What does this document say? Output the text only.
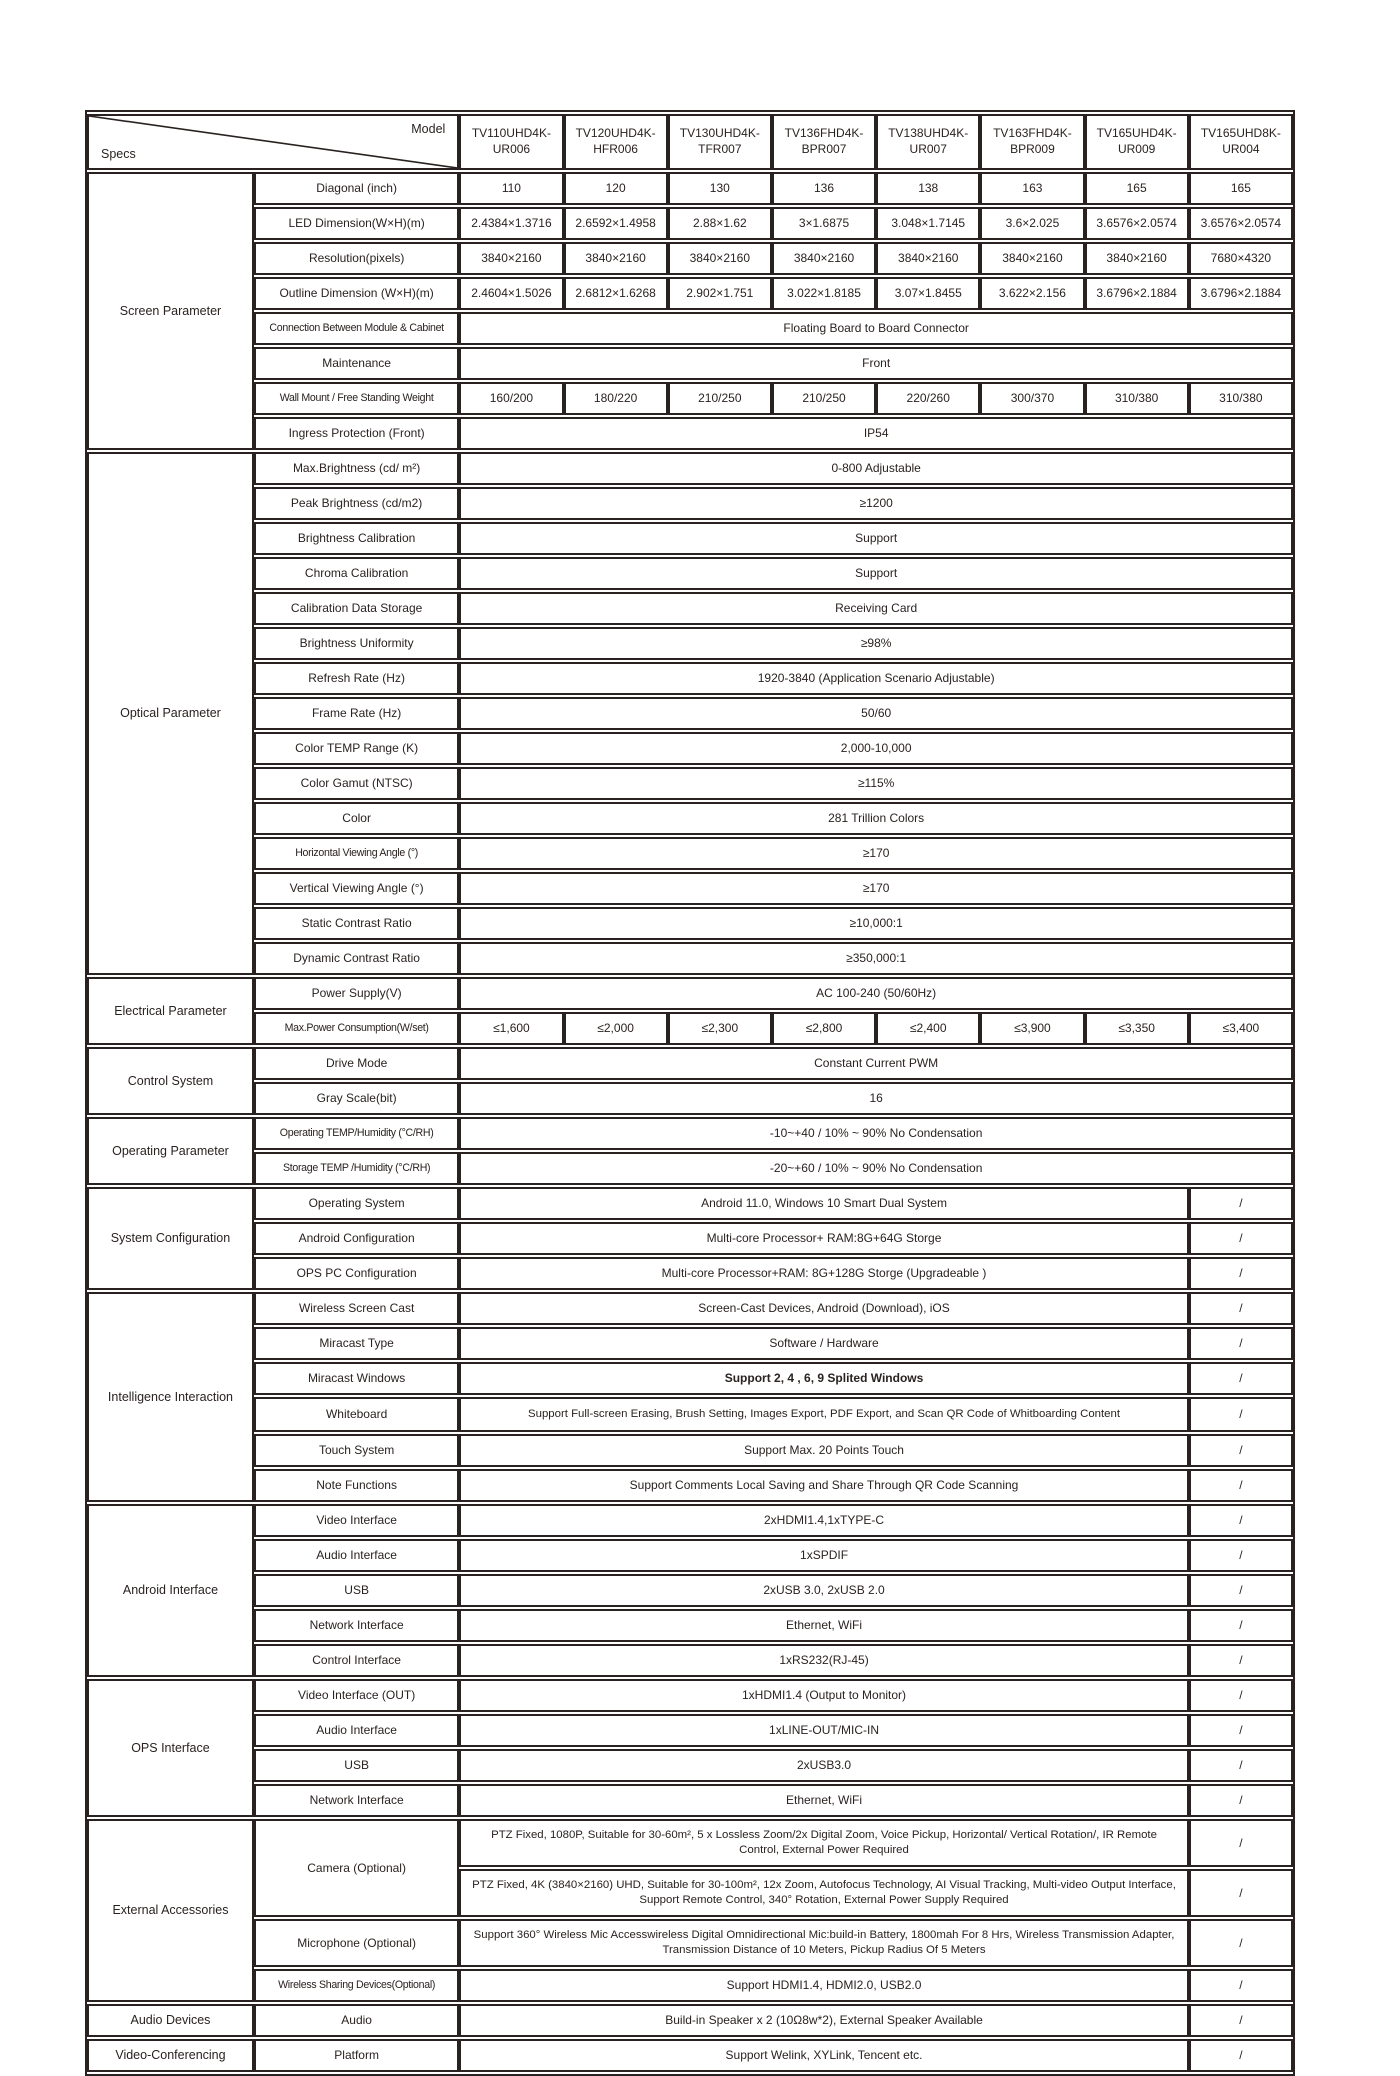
Model
Specs		TV110UHD4K-UR006	TV120UHD4K-HFR006	TV130UHD4K-TFR007	TV136FHD4K-BPR007	TV138UHD4K-UR007	TV163FHD4K-BPR009	TV165UHD4K-UR009	TV165UHD8K-UR004
Screen Parameter	Diagonal (inch)	110	120	130	136	138	163	165	165
	LED Dimension(W×H)(m)	2.4384×1.3716	2.6592×1.4958	2.88×1.62	3×1.6875	3.048×1.7145	3.6×2.025	3.6576×2.0574	3.6576×2.0574
	Resolution(pixels)	3840×2160	3840×2160	3840×2160	3840×2160	3840×2160	3840×2160	3840×2160	7680×4320
	Outline Dimension (W×H)(m)	2.4604×1.5026	2.6812×1.6268	2.902×1.751	3.022×1.8185	3.07×1.8455	3.622×2.156	3.6796×2.1884	3.6796×2.1884
	Connection Between Module & Cabinet	Floating Board to Board Connector							
	Maintenance	Front							
	Wall Mount / Free Standing Weight	160/200	180/220	210/250	210/250	220/260	300/370	310/380	310/380
	Ingress Protection (Front)	IP54							
Optical Parameter	Max.Brightness (cd/ m²)	0-800 Adjustable							
	Peak Brightness (cd/m2)	≥1200							
	Brightness Calibration	Support							
	Chroma Calibration	Support							
	Calibration Data Storage	Receiving Card							
	Brightness Uniformity	≥98%							
	Refresh Rate (Hz)	1920-3840 (Application Scenario Adjustable)							
	Frame Rate (Hz)	50/60							
	Color TEMP Range (K)	2,000-10,000							
	Color Gamut (NTSC)	≥115%							
	Color	281 Trillion Colors							
	Horizontal Viewing Angle (°)	≥170							
	Vertical Viewing Angle (°)	≥170							
	Static Contrast Ratio	≥10,000:1							
	Dynamic Contrast Ratio	≥350,000:1							
Electrical Parameter	Power Supply(V)	AC 100-240 (50/60Hz)							
	Max.Power Consumption(W/set)	≤1,600	≤2,000	≤2,300	≤2,800	≤2,400	≤3,900	≤3,350	≤3,400
Control System	Drive Mode	Constant Current PWM							
	Gray Scale(bit)	16							
Operating Parameter	Operating TEMP/Humidity (°C/RH)	-10~+40 / 10% ~ 90% No Condensation							
	Storage TEMP /Humidity (°C/RH)	-20~+60 / 10% ~ 90% No Condensation							
System Configuration	Operating System	Android 11.0, Windows 10 Smart Dual System							/
	Android Configuration	Multi-core Processor+ RAM:8G+64G Storge							/
	OPS PC Configuration	Multi-core Processor+RAM: 8G+128G Storge (Upgradeable )							/
Intelligence Interaction	Wireless Screen Cast	Screen-Cast Devices, Android (Download), iOS							/
	Miracast Type	Software / Hardware							/
	Miracast Windows	Support 2, 4 , 6, 9 Splited Windows							/
	Whiteboard	Support Full-screen Erasing, Brush Setting, Images Export, PDF Export, and Scan QR Code of Whitboarding Content							/
	Touch System	Support Max. 20 Points Touch							/
	Note Functions	Support Comments Local Saving and Share Through QR Code Scanning							/
Android Interface	Video Interface	2xHDMI1.4,1xTYPE-C							/
	Audio Interface	1xSPDIF							/
	USB	2xUSB 3.0, 2xUSB 2.0							/
	Network Interface	Ethernet, WiFi							/
	Control Interface	1xRS232(RJ-45)							/
OPS Interface	Video Interface (OUT)	1xHDMI1.4 (Output to Monitor)							/
	Audio Interface	1xLINE-OUT/MIC-IN							/
	USB	2xUSB3.0							/
	Network Interface	Ethernet, WiFi							/
External Accessories	Camera (Optional)	PTZ Fixed, 1080P, Suitable for 30-60m², 5 x Lossless Zoom/2x Digital Zoom, Voice Pickup, Horizontal/ Vertical Rotation/, IR Remote Control, External Power Required							/
		PTZ Fixed, 4K (3840×2160) UHD, Suitable for 30-100m², 12x Zoom, Autofocus Technology, AI Visual Tracking, Multi-video Output Interface, Support Remote Control, 340° Rotation, External Power Supply Required							/
	Microphone (Optional)	Support 360° Wireless Mic Accesswireless Digital Omnidirectional Mic:build-in Battery, 1800mah For 8 Hrs, Wireless Transmission Adapter, Transmission Distance of 10 Meters, Pickup Radius Of 5 Meters							/
	Wireless Sharing Devices(Optional)	Support HDMI1.4, HDMI2.0, USB2.0							/
Audio Devices	Audio	Build-in Speaker x 2 (10Ω8w*2), External Speaker Available							/
Video-Conferencing	Platform	Support Welink, XYLink, Tencent etc.							/
